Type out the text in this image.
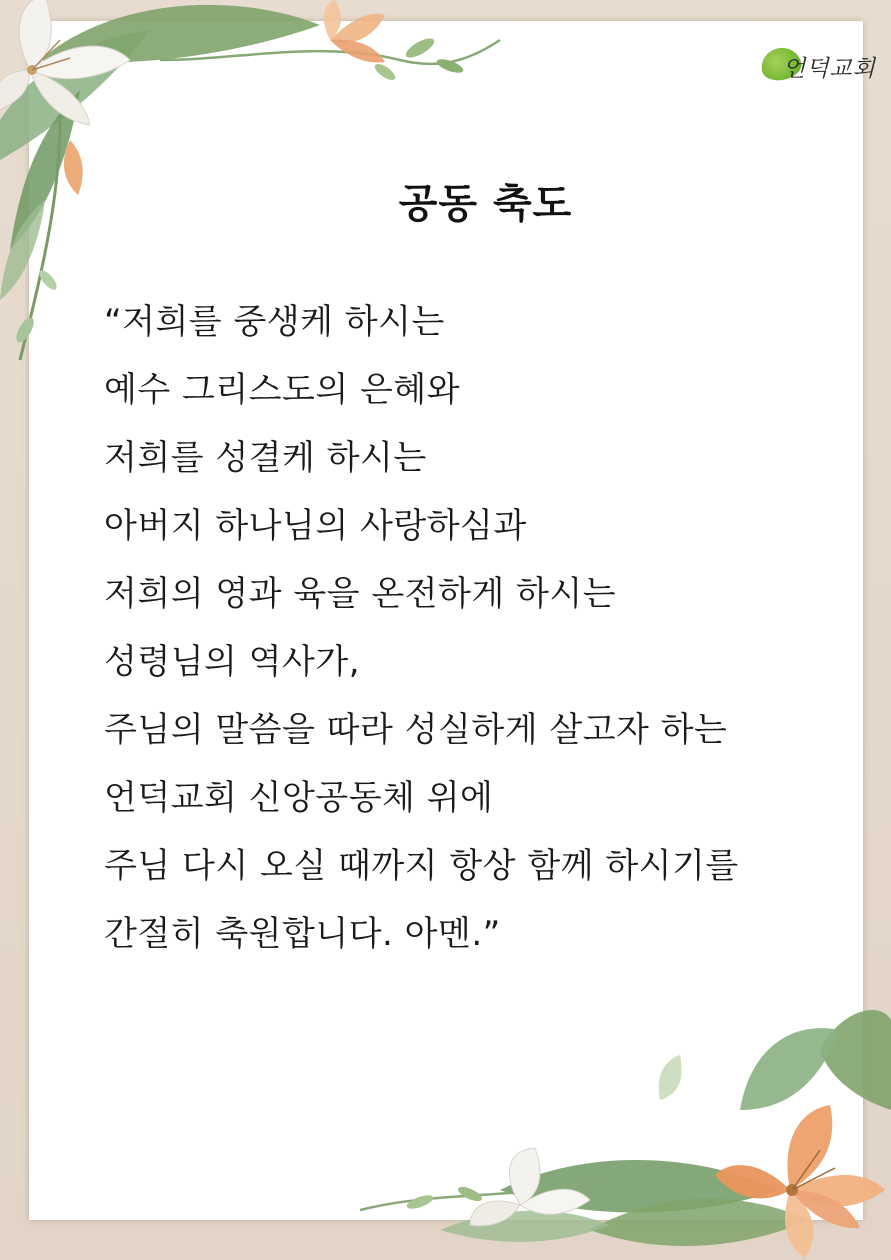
언덕교회
공동 축도
“저희를 중생케 하시는
예수 그리스도의 은혜와
저희를 성결케 하시는
아버지 하나님의 사랑하심과
저희의 영과 육을 온전하게 하시는
성령님의 역사가,
주님의 말씀을 따라 성실하게 살고자 하는
언덕교회 신앙공동체 위에
주님 다시 오실 때까지 항상 함께 하시기를
간절히 축원합니다. 아멘.”
